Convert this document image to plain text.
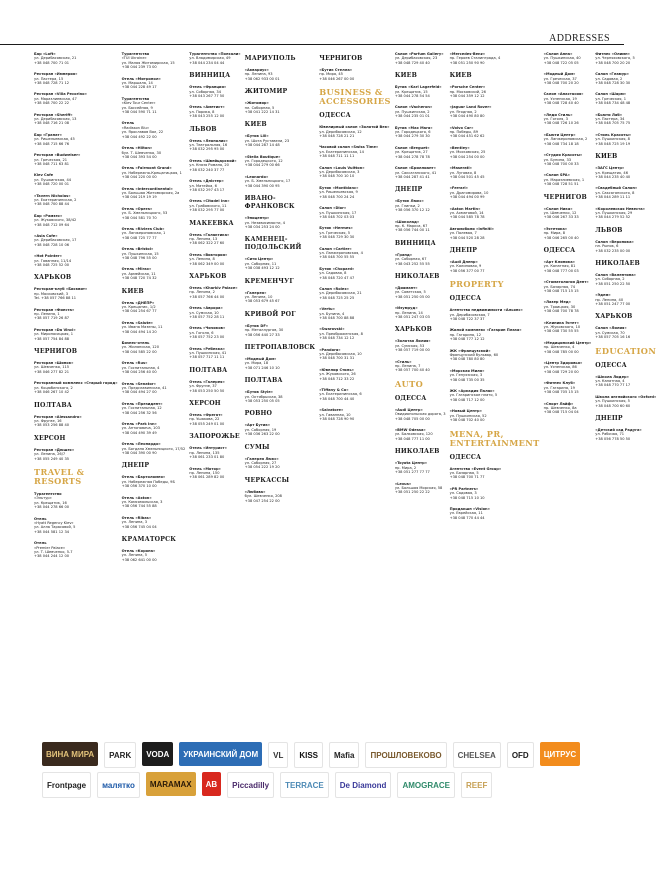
ADDRESSES
Бар «Loft»
ул. Дерибасовская, 21
+38 048 700 71 01
Ресторан «Империя»
ул. Пастера, 15
+38 048 728 71 12
Ресторан «Villa Pecorino»
ул. Маразлиевская, 47
+38 048 700 22 22
Ресторан «Sheriff»
ул. Дерибасовская, 13
+38 048 716 21 08
Бар «Гранат»
ул. Ришельевская, 45
+38 048 715 66 76
Ресторан «Budweiser»
ул. Греческая, 21
+38 048 711 63 81
Kiev Cafe
ул. Пушкинская, 44
+38 048 720 00 01
«Tavern Nicholas»
ул. Екатерининская, 2
+38 048 700 88 44
Бар «Рамзес»
ул. Жуковского, 38/42
+38 048 712 09 64
«Asia Cafe»
ул. Дерибасовская, 17
+38 048 728 10 06
«Hot Pointer»
ул. Гаванная, 11/14
+38 048 725 52 00
ХАРЬКОВ
Ресторан-клуб «Бисквит»
пр. Московский, 3
Tel. +38 057 766 88 11
Ресторан «Фиеста»
пр. Ленина, 1
+38 057 719 26 87
Ресторан «Da Vinci»
ул. Мироносицкая, 1
+38 057 754 84 88
ЧЕРНИГОВ
Ресторан «Шинок»
ул. Шевченко, 115
+38 046 277 82 21
Ресторанный комплекс «Старый город»
ул. Коцюбинского, 2
+38 046 267 10 42
ПОЛТАВА
Ресторан «Alessandro»
ул. Фрунзе, 16
+38 053 256 88 40
ХЕРСОН
Ресторан «Дюшес»
ул. Ленина, 26/7
+38 055 249 40 35
TRAVEL & RESORTS
Турагентство
«Эльтур»
ул. Крещатик, 16
+38 044 278 66 00
Отель
«Hyatt Regency Kiev»
ул. Алла Тарасовой, 5
+38 044 581 12 34
Отель
«Premier Palace»
ул. Т. Шевченко, 5-7
+38 044 244 12 00
Турагентство
«TUI Ukraine»
ул. Малая Житомирская, 15
+38 044 239 73 00
Отель «Митропол»
ул. Маршала, 14
+38 044 228 49 17
Турагентство
«Kiev Tour Center»
ул. Бассейная, 9
+38 044 590 71 11
Отель
«Radisson Blu»
ул. Ярославов Вал, 22
+38 044 492 22 00
Отель «Hilton»
бул. Т. Шевченко, 30
+38 044 393 54 00
Отель «Fairmont Grand»
ул. Набережно-Крещатицкая, 1
+38 044 220 00 00
Отель «Intercontinental»
ул. Большая Житомирская, 2а
+38 044 219 19 19
Отель «Opera»
ул. Б. Хмельницкого, 53
+38 044 581 70 70
Отель «Riviera Club»
ул. Ланжероновская, 1
+38 048 725 77 77
Отель «Bristol»
ул. Пушкинская, 15
+38 048 796 55 00
Отель «Mirax»
ул. Армейская, 11
+38 048 720 74 32
КИЕВ
Отель «ДНЕПР»
ул. Крещатик, 1/2
+38 044 254 67 77
Отель «Salute»
ул. Ивана Мазепы, 11
+38 044 494 14 20
Бизнес-отель
ул. Жилянская, 120
+38 044 585 22 00
Отель «Rus»
ул. Госпитальная, 4
+38 044 256 40 00
Отель «Senator»
ул. Предславинская, 41
+38 044 494 27 00
Отель «Президент»
ул. Госпитальная, 12
+38 044 256 32 56
Отель «Park Inn»
ул. Антоновича, 103
+38 044 490 39 49
Отель «Леонардо»
ул. Богдана Хмельницкого, 17/52
+38 044 390 00 90
ДНЕПР
Отель «Бартоломео»
ул. Набережная Победы, 9Б
+38 056 370 10 00
Отель «Aston»
ул. Комсомольская, 3
+38 056 744 55 88
Отель «Ribas»
ул. Ленина, 3
+38 056 745 04 04
КРАМАТОРСК
Отель «Корона»
ул. Ленина, 5
+38 062 641 00 00
Турагентство «Поехали»
ул. Владимирская, 49
+38 044 234 04 44
ВИННИЦА
Отель «Франция»
ул. Соборная, 34
+38 043 267 77 50
Отель «Аметист»
ул. Порика, 8
+38 043 255 12 00
ЛЬВОВ
Отель «Леополис»
ул. Театральная, 16
+38 032 295 95 00
Отель «Швейцарский»
ул. Князя Романа, 20
+38 032 240 37 77
Отель «Дністер»
ул. Матейка, 6
+38 032 297 43 17
Отель «Citadel Inn»
ул. Грабовского, 11
+38 032 295 77 00
МАКЕЕВКА
Отель «Галактика»
пр. Ленина, 13
+38 062 322 27 60
Отель «Виктория»
ул. Ленина, 8
+38 062 349 00 00
ХАРЬКОВ
Отель «Kharkiv Palace»
пр. Ленина, 2
+38 057 766 44 00
Отель «Аврора»
ул. Сумская, 10
+38 057 752 28 11
Отель «Чичиков»
ул. Гоголя, 6
+38 057 752 23 00
Отель «Ребекка»
ул. Пушкинская, 41
+38 057 717 11 11
ПОЛТАВА
Отель «Галерея»
ул. Фрунзе, 37
+38 053 250 50 50
ХЕРСОН
Отель «Фрегат»
пр. Ушакова, 22
+38 055 249 01 00
ЗАПОРОЖЬЕ
Отель «Интурист»
пр. Ленина, 135
+38 061 233 01 80
Отель «Мотор»
пр. Ленина, 150
+38 061 289 82 00
МАРИУПОЛЬ
«Аквариус»
пр. Ленина, 93
+38 062 933 00 01
ЖИТОМИР
«Житомир»
пл. Соборная, 5
+38 041 222 14 31
КИЕВ
«Бутик Lili»
ул. Шота Руставели, 23
+38 044 287 14 48
«Stella Boutique»
ул. Городецкого, 12
+38 044 279 00 66
«Leonardo»
ул. Б. Хмельницкого, 17
+38 044 390 00 95
ИВАНО-ФРАНКОВСК
«Эпицентр»
ул. Независимости, 4
+38 034 253 24 00
КАМЕНЕЦ-ПОДОЛЬСКИЙ
«Сити Центр»
ул. Соборная, 11
+38 038 493 12 12
КРЕМЕНЧУГ
«Галерея»
ул. Ленина, 10
+38 053 679 45 67
КРИВОЙ РОГ
«Бутик DF»
пр. Металлургов, 30
+38 056 440 27 33
ПЕТРОПАВЛОВСК
«Модный Дом»
ул. Мира, 18
+38 071 246 10 10
ПОЛТАВА
«Бутик Style»
ул. Октябрьская, 38
+38 053 250 05 05
РОВНО
«Арт Бутик»
ул. Соборная, 19
+38 036 263 22 00
СУМЫ
«Галерея Люкс»
ул. Соборная, 27
+38 054 222 19 20
ЧЕРКАССЫ
«Любава»
бул. Шевченко, 208
+38 047 254 22 00
ЧЕРНИГОВ
«Бутик Стелла»
пр. Мира, 45
+38 046 267 00 00
BUSINESS & ACCESSORIES
ОДЕССА
Ювелирный салон «Золотой Век»
ул. Дерибасовская, 12
+38 048 728 21 21
Часовой салон «Swiss Time»
ул. Екатерининская, 14
+38 048 711 11 11
Салон «Louis Vuitton»
ул. Дерибасовская, 3
+38 048 700 10 10
Бутик «Montblanc»
ул. Ришельевская, 9
+38 048 700 24 24
Салон «Dior»
ул. Пушкинская, 17
+38 048 702 03 03
Бутик «Hermes»
ул. Греческая, 5
+38 048 729 30 30
Салон «Cartier»
ул. Ланжероновская, 4
+38 048 700 55 55
Бутик «Chopard»
ул. Садовая, 8
+38 048 720 47 47
Салон «Rolex»
ул. Дерибасовская, 21
+38 048 725 25 25
«Vertu»
ул. Бунина, 4
+38 048 700 88 88
«Swarovski»
ул. Преображенская, 8
+38 048 734 12 12
«Pandora»
ул. Дерибасовская, 10
+38 048 700 31 31
«Ювелир Стиль»
ул. Жуковского, 26
+38 048 712 33 22
«Tiffany & Co»
ул. Екатерининская, 6
+38 048 700 44 40
«Salvatore»
ул. Гаванная, 10
+38 048 728 90 90
Салон «Parfum Gallery»
ул. Дерибасовская, 23
+38 048 729 40 40
КИЕВ
Бутик «Karl Lagerfeld»
ул. Крещатик, 15
+38 044 278 54 54
Салон «Vacheron»
ул. Пушкинская, 2
+38 044 235 01 01
Бутик «Max Mara»
ул. Городецкого, 6
+38 044 279 30 30
Салон «Breguet»
ул. Крещатик, 27
+38 044 278 78 78
Салон «Бриллиант»
ул. Саксаганского, 41
+38 044 287 41 41
ДНЕПР
«Бутик Люкс»
ул. Глинки, 2
+38 056 370 12 12
«Шоколад»
пр. К. Маркса, 67
+38 056 744 00 11
ВИННИЦА
«Гранд»
ул. Соборная, 67
+38 043 252 55 55
НИКОЛАЕВ
«Диамант»
ул. Советская, 5
+38 051 250 05 00
«Изумруд»
пр. Ленина, 14
+38 051 247 03 03
ХАРЬКОВ
«Золотая Лилия»
ул. Сумская, 53
+38 057 719 00 00
«Стиль»
пр. Ленина, 7
+38 057 700 40 40
AUTO
ОДЕССА
«Audi Центр»
Овидиопольская дорога, 3
+38 048 705 00 00
«BMW Odessa»
ул. Балковская, 120
+38 048 777 11 00
НИКОЛАЕВ
«Toyota Центр»
пр. Мира, 2
+38 051 277 77 77
«Lexus»
ул. Большая Морская, 58
+38 051 250 22 22
«Mercedes-Benz»
пр. Героев Сталинграда, 4
+38 051 250 90 90
КИЕВ
«Porsche Center»
пр. Московский, 26
+38 044 359 12 12
«Jaguar Land Rover»
ул. Ягодная, 2
+38 044 490 80 80
«Volvo Car»
пр. Победы, 89
+38 044 451 62 62
«Bentley»
ул. Московская, 25
+38 044 254 00 00
«Maserati»
ул. Луговая, 8
+38 044 501 45 45
«Ferrari»
ул. Драгомирова, 10
+38 044 494 00 99
«Aston Martin»
ул. Ахматовой, 14
+38 044 585 78 78
Автомобили «Infiniti»
ул. Полевая, 7
+38 044 520 28 28
ДНЕПР
«Audi Днепр»
ул. Калиновая, 9
+38 056 377 00 77
PROPERTY
ОДЕССА
Агентство недвижимости «Альянс»
ул. Дерибасовская, 7
+38 048 722 37 37
Жилой комплекс «Гагарин Плаза»
пр. Гагарина, 12
+38 048 777 12 12
ЖК «Французский»
Французский бульвар, 60
+38 048 780 80 80
«Морская Миля»
ул. Генуэзская, 3
+38 048 735 00 35
ЖК «Аркадия Палас»
ул. Гагаринское плато, 5
+38 048 717 12 00
«Новый Центр»
ул. Пушкинская, 52
+38 048 702 40 00
MENA, PR, ENTERTAINMENT
ОДЕССА
Агентство «Event Group»
ул. Базарная, 5
+38 048 700 71 77
«PR Partners»
ул. Садовая, 3
+38 048 715 10 10
Продакшн «Vision»
ул. Еврейская, 11
+38 048 770 44 44
«Салон Анна»
ул. Пушкинская, 40
+38 048 722 05 05
«Модный Дом»
ул. Греческая, 37
+38 048 700 20 20
Салон «Анастасия»
ул. Успенская, 19
+38 048 728 40 40
«Леди Стиль»
ул. Гоголя, 3
+38 048 726 10 26
«Бьюти Центр»
ул. Ланжероновская, 2
+38 048 734 18 18
«Студия Красоты»
ул. Бунина, 33
+38 048 700 00 33
«Салон SPA»
ул. Маразлиевская, 1
+38 048 728 51 51
ЧЕРНИГОВ
«Салон Ника»
ул. Шевченко, 12
+38 046 267 33 33
«Эстетика»
пр. Мира, 8
+38 046 265 00 40
ОДЕССА
«Арт Клиника»
ул. Канатная, 81
+38 048 777 00 03
«Стоматология Дент»
ул. Базарная, 74
+38 048 715 15 15
«Лазер Мед»
ул. Троицкая, 30
+38 048 700 78 78
«Клиника Эстет»
ул. Жуковского, 10
+38 048 730 55 55
«Медицинский Центр»
пр. Шевченко, 4
+38 048 785 00 00
«Центр Здоровья»
ул. Успенская, 86
+38 048 729 20 00
«Фитнес Клуб»
ул. Гагарина, 19
+38 048 705 15 15
«Спорт Лайф»
пр. Шевченко, 8а
+38 048 715 04 04
Фитнес «Олимп»
ул. Черняховского, 5
+38 048 700 20 20
Салон «Гламур»
ул. Садовая, 2
+38 048 728 30 30
Салон «Шарм»
ул. Греческая, 1
+38 048 734 48 48
«Бьюти Лаб»
ул. Пастера, 34
+38 048 705 75 75
«Стиль Красоты»
ул. Пушкинская, 8
+38 048 725 19 19
КИЕВ
«ЗАГС Центр»
ул. Крещатик, 46
+38 044 235 40 40
«Свадебный Салон»
ул. Саксаганского, 8
+38 044 289 11 11
«Королевская Невеста»
ул. Пушкинская, 29
+38 044 279 52 52
ЛЬВОВ
Салон «Вероника»
пл. Рынок, 6
+38 032 235 00 00
НИКОЛАЕВ
Салон «Валентина»
ул. Соборная, 2
+38 051 250 22 50
«Эдем»
пр. Ленина, 40
+38 051 247 77 00
ХАРЬКОВ
Салон «Лилия»
ул. Сумская, 70
+38 057 705 16 16
EDUCATION
ОДЕССА
«Школа Лидер»
ул. Канатная, 4
+38 048 770 77 17
Школа английского «Oxford»
ул. Пушкинская, 5
+38 048 700 60 60
ДНЕПР
«Детский сад Радуга»
ул. Рабочая, 71
+38 056 778 50 50
ВИНА МИРА	PARK	VODA	УКРАИНСКИЙ ДОМ	VL	KISS	Mafia	ПРОШЛОВЕКОВО	CHELSEA	OFD	ЦИТРУС
Frontpage	малятко	MARAMAX	АВ	Piccadilly	TERRACE	De Diamond	AMOGRACE	REEF
